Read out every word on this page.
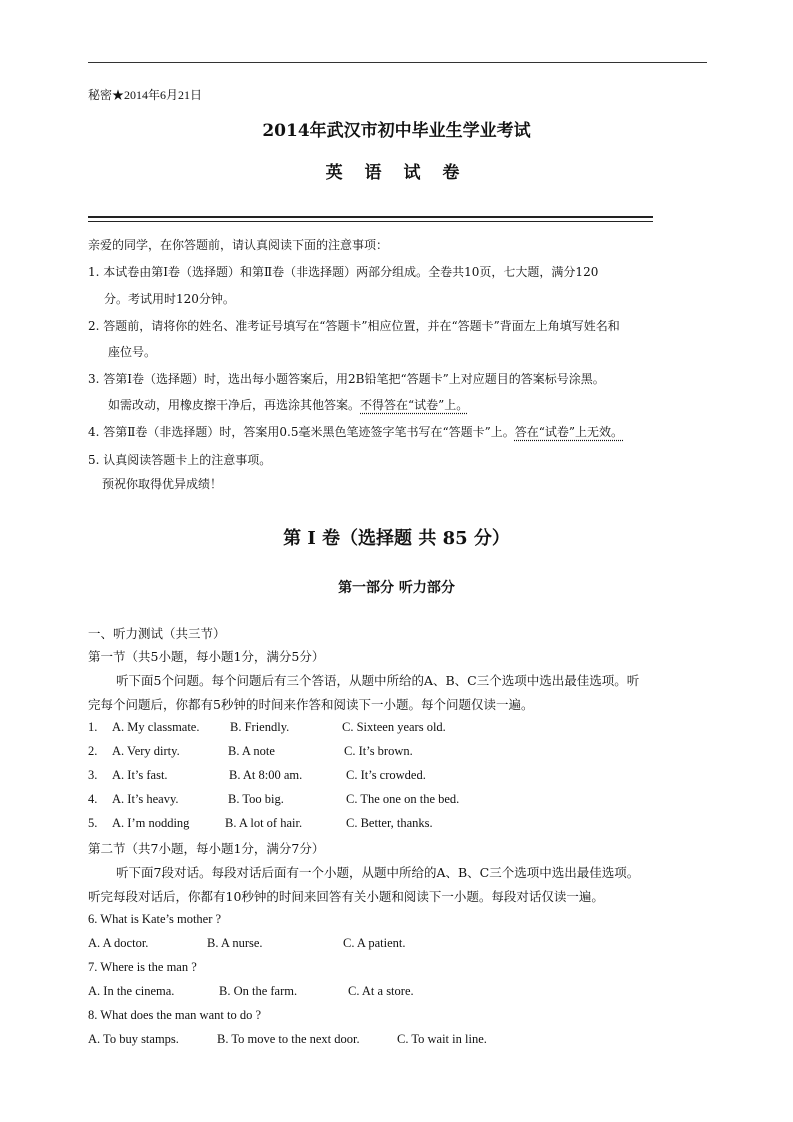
秘密★2014年6月21日
2014年武汉市初中毕业生学业考试
英 语 试 卷
亲爱的同学，在你答题前，请认真阅读下面的注意事项：
1. 本试卷由第Ⅰ卷（选择题）和第Ⅱ卷（非选择题）两部分组成。全卷共10页，七大题，满分120
分。考试用时120分钟。
2. 答题前，请将你的姓名、准考证号填写在“答题卡”相应位置，并在“答题卡”背面左上角填写姓名和
座位号。
3. 答第Ⅰ卷（选择题）时，选出每小题答案后，用2B铅笔把“答题卡”上对应题目的答案标号涂黑。
如需改动，用橡皮擦干净后，再选涂其他答案。不得答在“试卷”上。
4. 答第Ⅱ卷（非选择题）时，答案用0.5毫米黑色笔迹签字笔书写在“答题卡”上。答在“试卷”上无效。
5. 认真阅读答题卡上的注意事项。
预祝你取得优异成绩！
第 I 卷（选择题 共 85 分）
第一部分 听力部分
一、听力测试（共三节）
第一节（共5小题，每小题1分，满分5分）
听下面5个问题。每个问题后有三个答语，从题中所给的A、B、C三个选项中选出最佳选项。听
完每个问题后，你都有5秒钟的时间来作答和阅读下一小题。每个问题仅读一遍。
1. A. My classmate. B. Friendly.	C. Sixteen years old.
2. A. Very dirty.	B. A note	C. It’s brown.
3. A. It’s fast.	B. At 8:00 am.	C. It’s crowded.
4. A. It’s heavy.	B. Too big.	C. The one on the bed.
5. A. I’m nodding	B. A lot of hair.	C. Better, thanks.
第二节（共7小题，每小题1分，满分7分）
听下面7段对话。每段对话后面有一个小题，从题中所给的A、B、C三个选项中选出最佳选项。
听完每段对话后，你都有10秒钟的时间来回答有关小题和阅读下一小题。每段对话仅读一遍。
6. What is Kate’s mother ?
A. A doctor.	B. A nurse.	C. A patient.
7. Where is the man ?
A. In the cinema.	B. On the farm.	C. At a store.
8. What does the man want to do ?
A. To buy stamps.	B. To move to the next door.	C. To wait in line.
